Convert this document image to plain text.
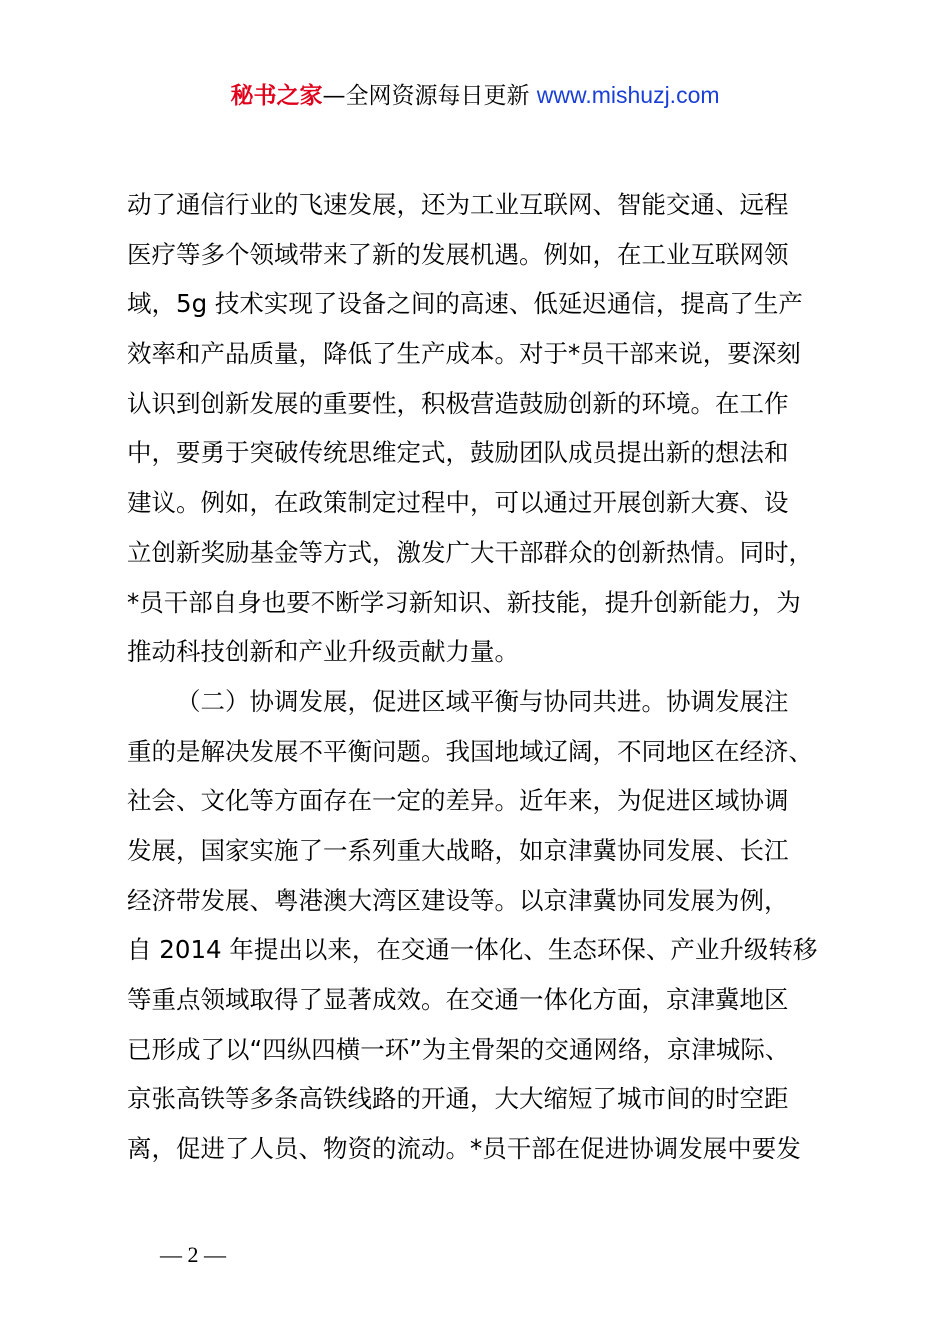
秘书之家—全网资源每日更新 www.mishuzj.com
动了通信行业的飞速发展，还为工业互联网、智能交通、远程
医疗等多个领域带来了新的发展机遇。例如，在工业互联网领
域，5g 技术实现了设备之间的高速、低延迟通信，提高了生产
效率和产品质量，降低了生产成本。对于*员干部来说，要深刻
认识到创新发展的重要性，积极营造鼓励创新的环境。在工作
中，要勇于突破传统思维定式，鼓励团队成员提出新的想法和
建议。例如，在政策制定过程中，可以通过开展创新大赛、设
立创新奖励基金等方式，激发广大干部群众的创新热情。同时，
*员干部自身也要不断学习新知识、新技能，提升创新能力，为
推动科技创新和产业升级贡献力量。
（二）协调发展，促进区域平衡与协同共进。协调发展注
重的是解决发展不平衡问题。我国地域辽阔，不同地区在经济、
社会、文化等方面存在一定的差异。近年来，为促进区域协调
发展，国家实施了一系列重大战略，如京津冀协同发展、长江
经济带发展、粤港澳大湾区建设等。以京津冀协同发展为例，
自 2014 年提出以来，在交通一体化、生态环保、产业升级转移
等重点领域取得了显著成效。在交通一体化方面，京津冀地区
已形成了以“四纵四横一环”为主骨架的交通网络，京津城际、
京张高铁等多条高铁线路的开通，大大缩短了城市间的时空距
离，促进了人员、物资的流动。*员干部在促进协调发展中要发
— 2 —
